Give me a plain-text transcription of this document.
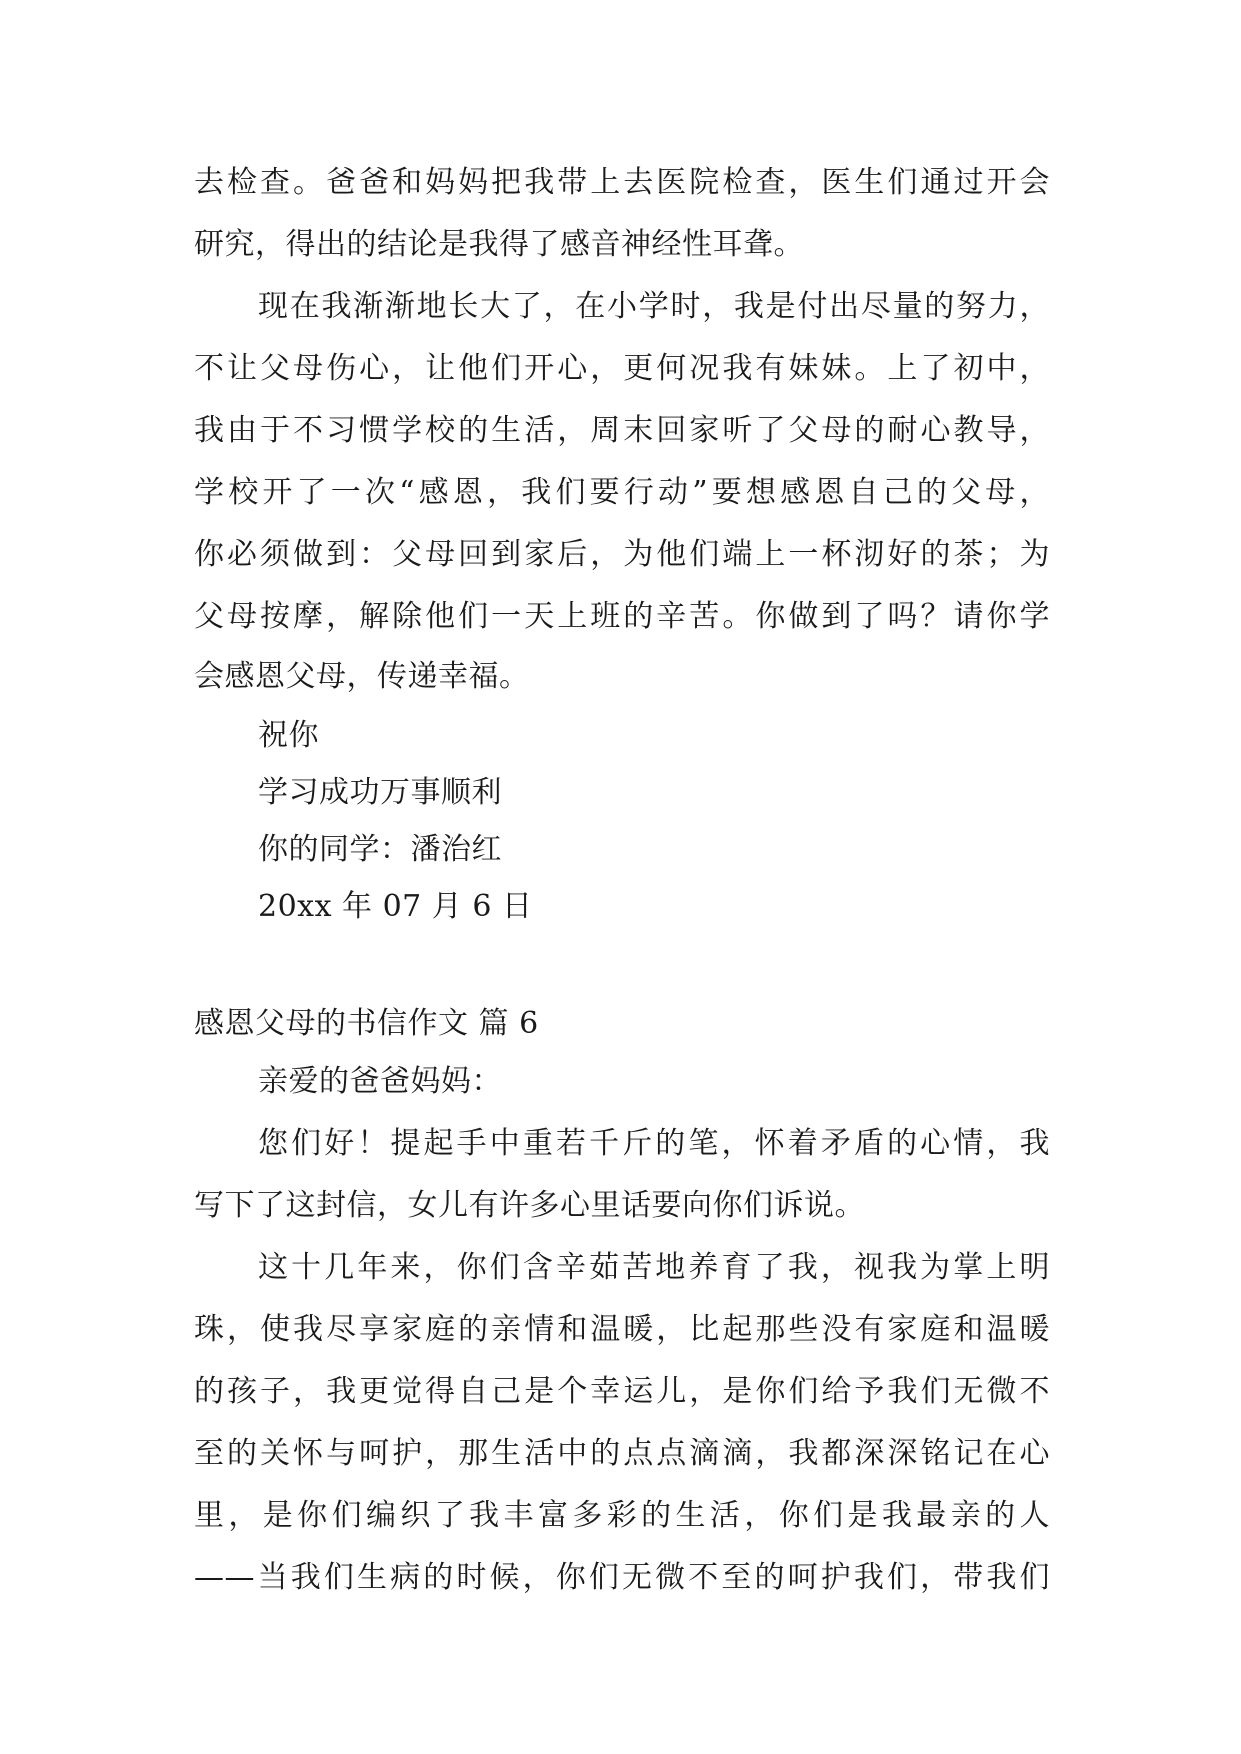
去检查。爸爸和妈妈把我带上去医院检查，医生们通过开会
研究，得出的结论是我得了感音神经性耳聋。
现在我渐渐地长大了，在小学时，我是付出尽量的努力，
不让父母伤心，让他们开心，更何况我有妹妹。上了初中，
我由于不习惯学校的生活，周末回家听了父母的耐心教导，
学校开了一次“感恩，我们要行动”要想感恩自己的父母，
你必须做到：父母回到家后，为他们端上一杯沏好的茶；为
父母按摩，解除他们一天上班的辛苦。你做到了吗？请你学
会感恩父母，传递幸福。
祝你
学习成功万事顺利
你的同学：潘治红
20xx 年 07 月 6 日
感恩父母的书信作文 篇 6
亲爱的爸爸妈妈：
您们好！提起手中重若千斤的笔，怀着矛盾的心情，我
写下了这封信，女儿有许多心里话要向你们诉说。
这十几年来，你们含辛茹苦地养育了我，视我为掌上明
珠，使我尽享家庭的亲情和温暖，比起那些没有家庭和温暖
的孩子，我更觉得自己是个幸运儿，是你们给予我们无微不
至的关怀与呵护，那生活中的点点滴滴，我都深深铭记在心
里，是你们编织了我丰富多彩的生活，你们是我最亲的人
——当我们生病的时候，你们无微不至的呵护我们，带我们
